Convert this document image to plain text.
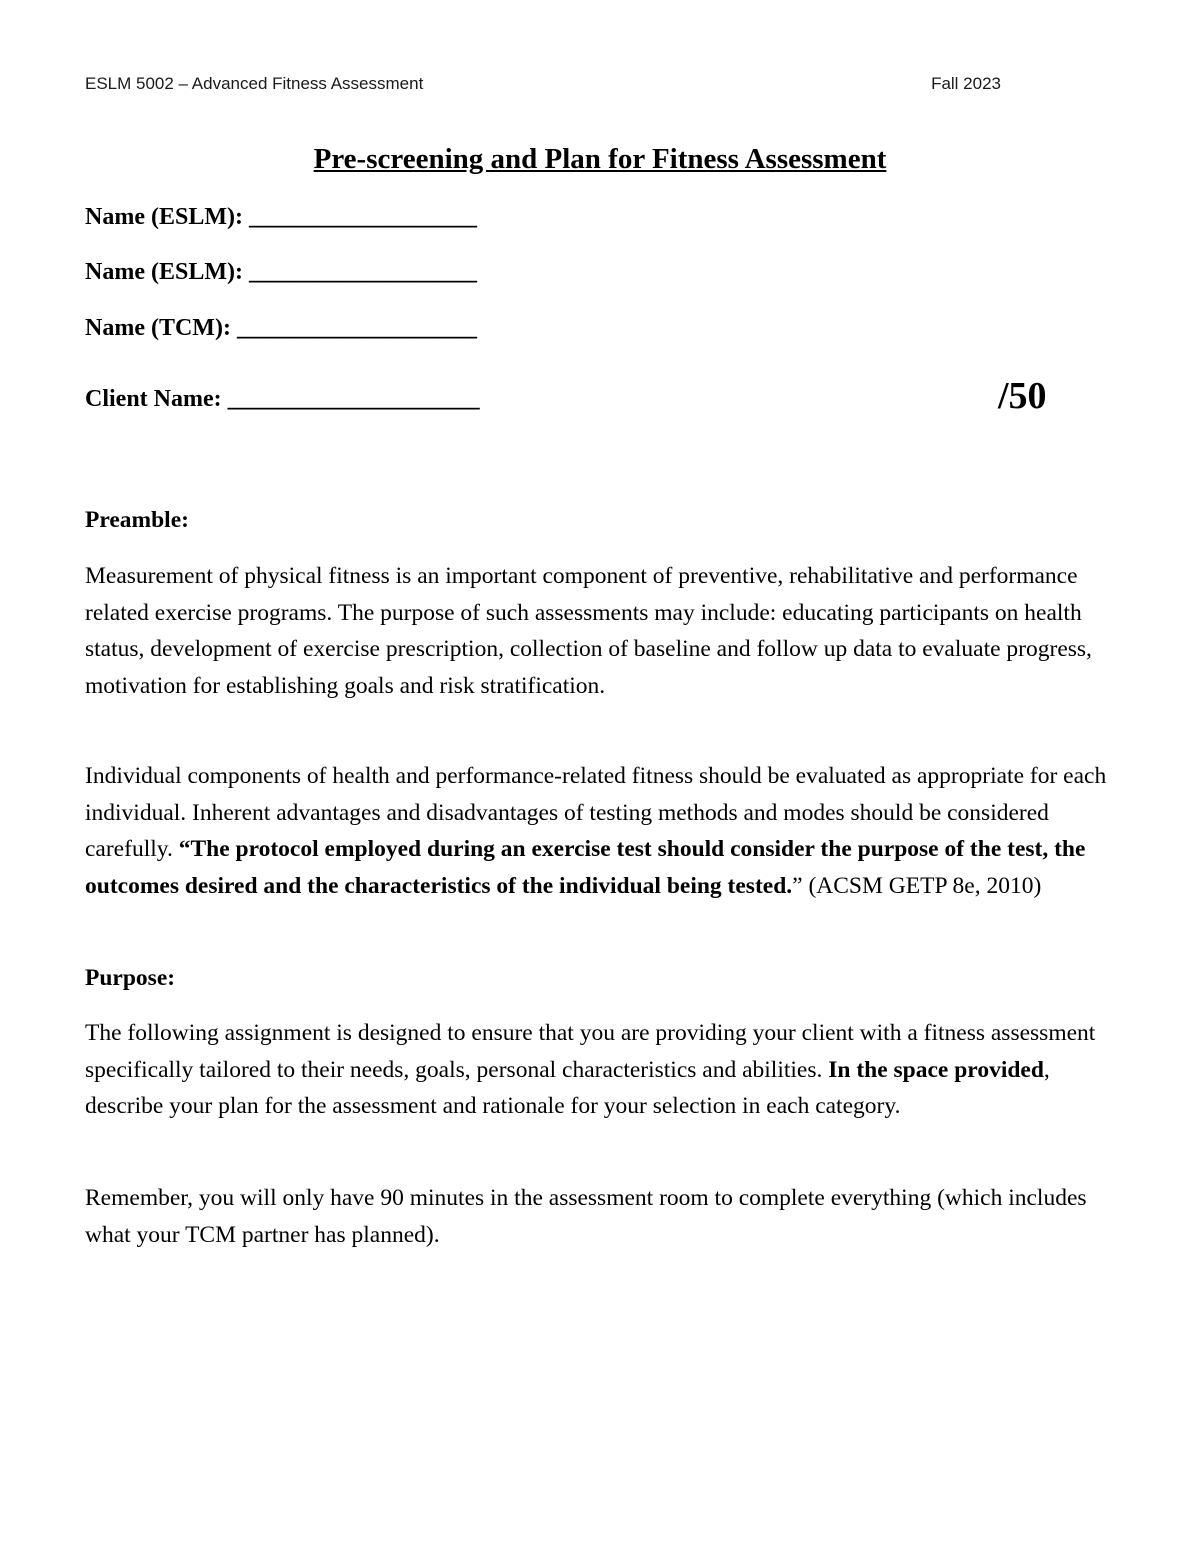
ESLM 5002 – Advanced Fitness Assessment	Fall 2023
Pre-screening and Plan for Fitness Assessment
Name (ESLM): ___________________
Name (ESLM): ___________________
Name (TCM): ____________________
Client Name: _____________________	/50

Preamble:

Measurement of physical fitness is an important component of preventive, rehabilitative and performance related exercise programs. The purpose of such assessments may include: educating participants on health status, development of exercise prescription, collection of baseline and follow up data to evaluate progress, motivation for establishing goals and risk stratification.

Individual components of health and performance-related fitness should be evaluated as appropriate for each individual. Inherent advantages and disadvantages of testing methods and modes should be considered carefully. “The protocol employed during an exercise test should consider the purpose of the test, the outcomes desired and the characteristics of the individual being tested.” (ACSM GETP 8e, 2010)

Purpose:

The following assignment is designed to ensure that you are providing your client with a fitness assessment specifically tailored to their needs, goals, personal characteristics and abilities. In the space provided, describe your plan for the assessment and rationale for your selection in each category.

Remember, you will only have 90 minutes in the assessment room to complete everything (which includes what your TCM partner has planned).
